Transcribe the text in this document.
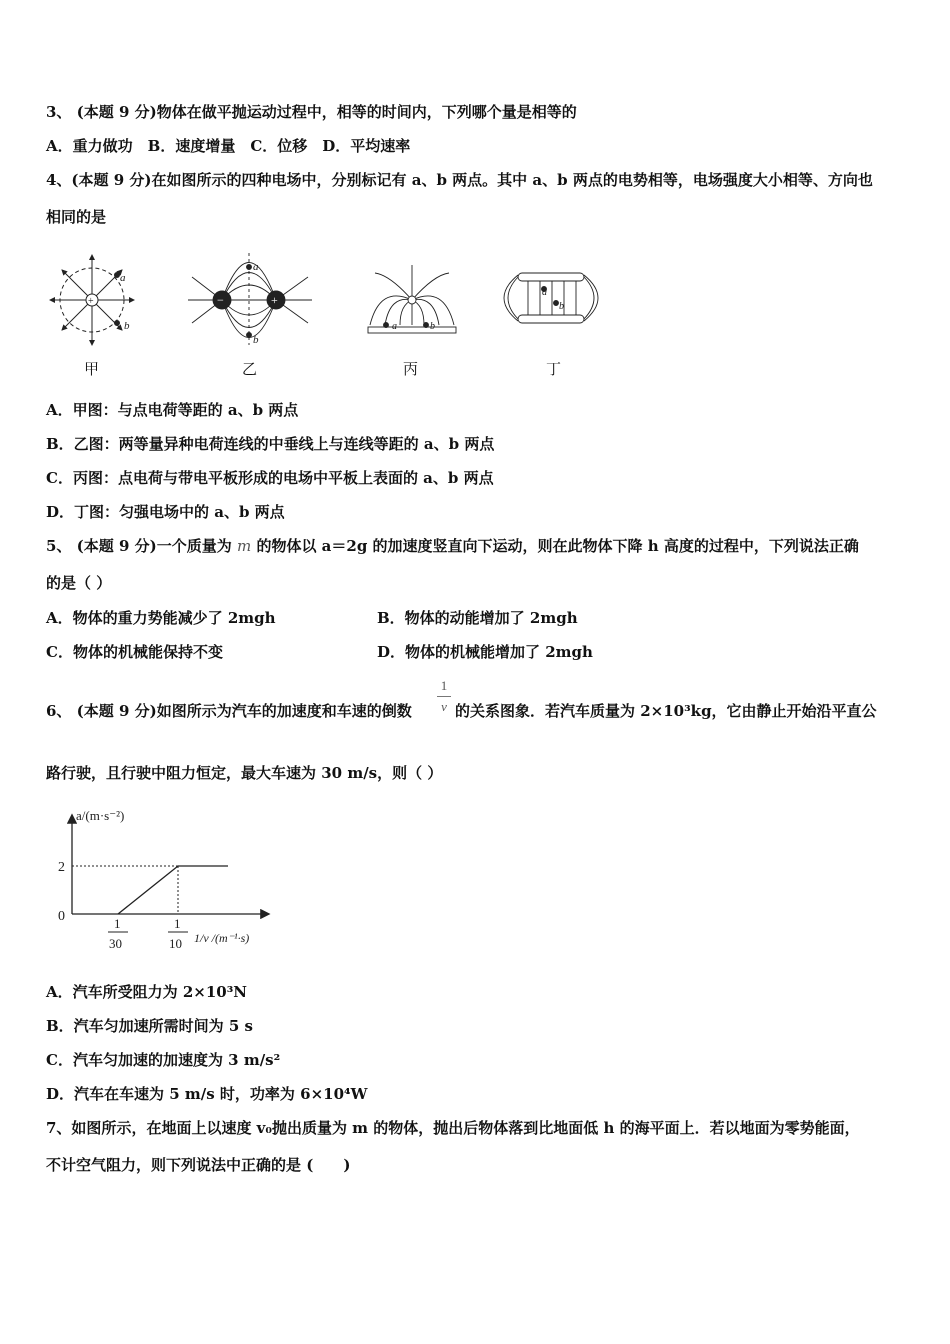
3、 (本题 9 分)物体在做平抛运动过程中，相等的时间内，下列哪个量是相等的
A．重力做功　B．速度增量　C．位移　D．平均速率
4、(本题 9 分)在如图所示的四种电场中，分别标记有 a、b 两点。其中 a、b 两点的电势相等，电场强度大小相等、方向也
相同的是
+
a
b
−	+
a
b
a	b
a
b
甲	乙	丙	丁
A．甲图：与点电荷等距的 a、b 两点
B．乙图：两等量异种电荷连线的中垂线上与连线等距的 a、b 两点
C．丙图：点电荷与带电平板形成的电场中平板上表面的 a、b 两点
D．丁图：匀强电场中的 a、b 两点
5、 (本题 9 分)一个质量为 m 的物体以 a＝2g 的加速度竖直向下运动，则在此物体下降 h 高度的过程中，下列说法正确
的是（ ）
A．物体的重力势能减少了 2mgh	B．物体的动能增加了 2mgh
C．物体的机械能保持不变	D．物体的机械能增加了 2mgh
6、 (本题 9 分)如图所示为汽车的加速度和车速的倒数
1
v 的关系图象．若汽车质量为 2×10³kg，它由静止开始沿平直公
路行驶，且行驶中阻力恒定，最大车速为 30 m/s，则（ ）
a/(m·s⁻²)
2
0	1
30
1
10 1/v /(m⁻¹·s)
A．汽车所受阻力为 2×10³N
B．汽车匀加速所需时间为 5 s
C．汽车匀加速的加速度为 3 m/s²
D．汽车在车速为 5 m/s 时，功率为 6×10⁴W
7、如图所示，在地面上以速度 v₀抛出质量为 m 的物体，抛出后物体落到比地面低 h 的海平面上．若以地面为零势能面，
不计空气阻力，则下列说法中正确的是 (　　)
